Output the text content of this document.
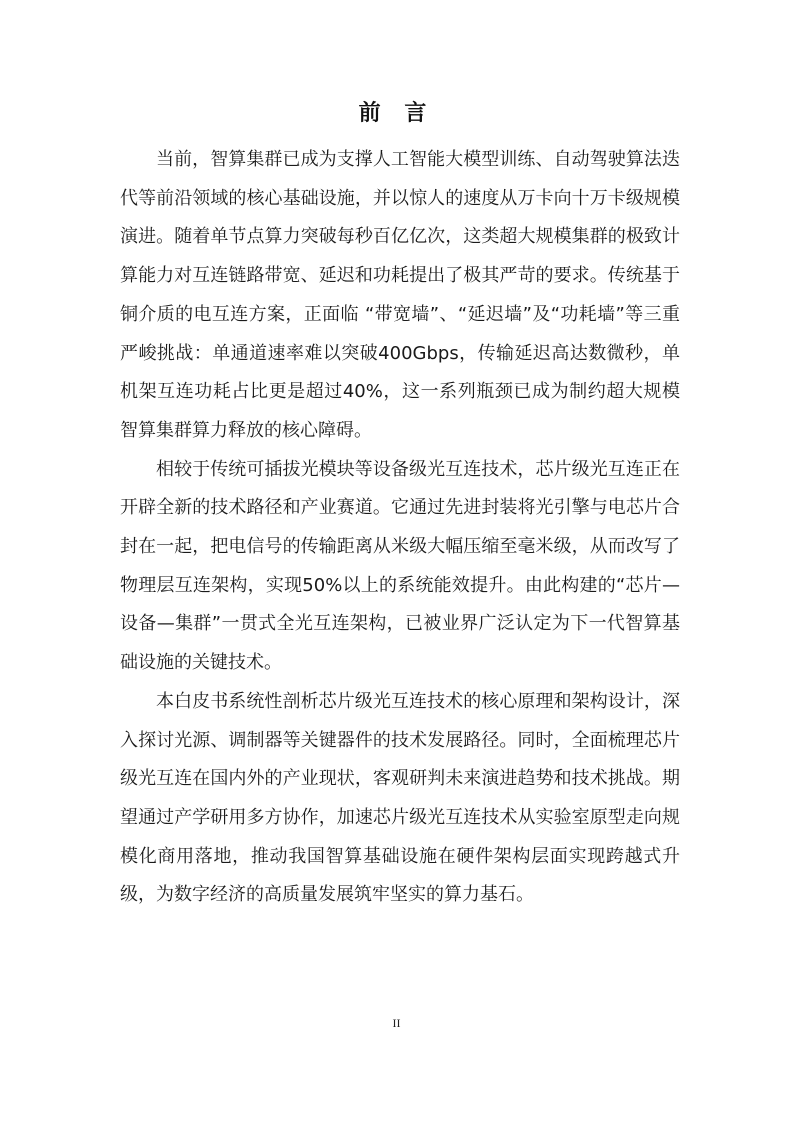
前 言

当前，智算集群已成为支撑人工智能大模型训练、自动驾驶算法迭代等前沿领域的核心基础设施，并以惊人的速度从万卡向十万卡级规模演进。随着单节点算力突破每秒百亿亿次，这类超大规模集群的极致计算能力对互连链路带宽、延迟和功耗提出了极其严苛的要求。传统基于铜介质的电互连方案，正面临 “带宽墙”、“延迟墙”及“功耗墙”等三重严峻挑战：单通道速率难以突破400Gbps，传输延迟高达数微秒，单机架互连功耗占比更是超过40%，这一系列瓶颈已成为制约超大规模智算集群算力释放的核心障碍。

相较于传统可插拔光模块等设备级光互连技术，芯片级光互连正在开辟全新的技术路径和产业赛道。它通过先进封装将光引擎与电芯片合封在一起，把电信号的传输距离从米级大幅压缩至毫米级，从而改写了物理层互连架构，实现50%以上的系统能效提升。由此构建的“芯片—设备—集群”一贯式全光互连架构，已被业界广泛认定为下一代智算基础设施的关键技术。

本白皮书系统性剖析芯片级光互连技术的核心原理和架构设计，深入探讨光源、调制器等关键器件的技术发展路径。同时，全面梳理芯片级光互连在国内外的产业现状，客观研判未来演进趋势和技术挑战。期望通过产学研用多方协作，加速芯片级光互连技术从实验室原型走向规模化商用落地，推动我国智算基础设施在硬件架构层面实现跨越式升级，为数字经济的高质量发展筑牢坚实的算力基石。

II
